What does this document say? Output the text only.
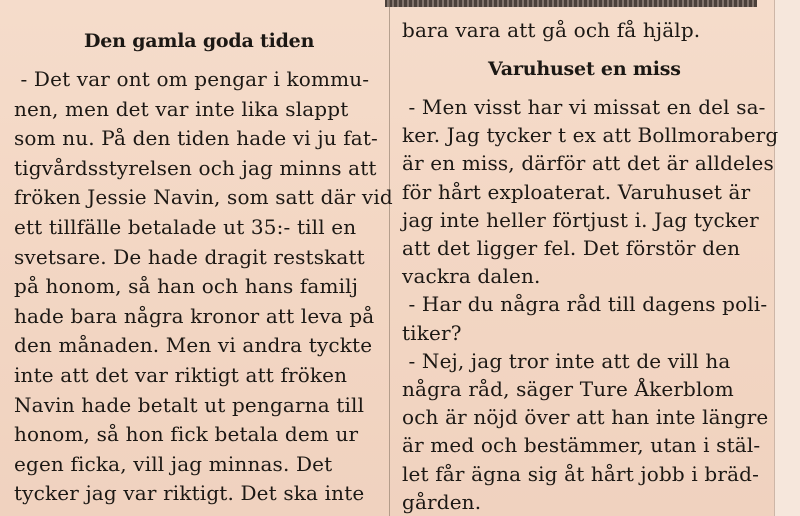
Den gamla goda tiden
- Det var ont om pengar i kommu-
nen, men det var inte lika slappt
som nu. På den tiden hade vi ju fat-
tigvårdsstyrelsen och jag minns att
fröken Jessie Navin, som satt där vid
ett tillfälle betalade ut 35:- till en
svetsare. De hade dragit restskatt
på honom, så han och hans familj
hade bara några kronor att leva på
den månaden. Men vi andra tyckte
inte att det var riktigt att fröken
Navin hade betalt ut pengarna till
honom, så hon fick betala dem ur
egen ficka, vill jag minnas. Det
tycker jag var riktigt. Det ska inte
bara vara att gå och få hjälp.
Varuhuset en miss
- Men visst har vi missat en del sa-
ker. Jag tycker t ex att Bollmoraberg
är en miss, därför att det är alldeles
för hårt exploaterat. Varuhuset är
jag inte heller förtjust i. Jag tycker
att det ligger fel. Det förstör den
vackra dalen.
- Har du några råd till dagens poli-
tiker?
- Nej, jag tror inte att de vill ha
några råd, säger Ture Åkerblom
och är nöjd över att han inte längre
är med och bestämmer, utan i stäl-
let får ägna sig åt hårt jobb i bräd-
gården.
